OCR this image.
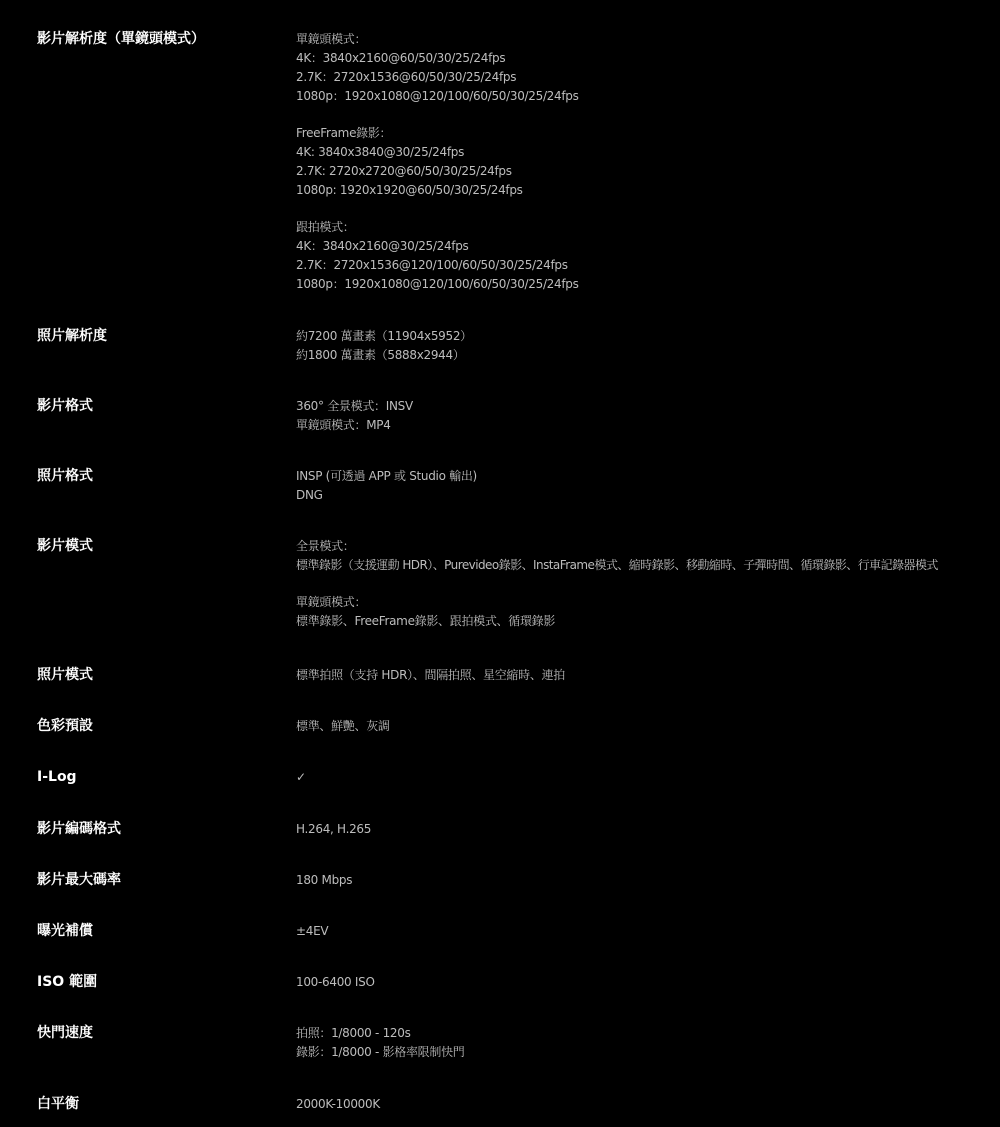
影片解析度（單鏡頭模式）	單鏡頭模式：
4K：3840x2160@60/50/30/25/24fps
2.7K：2720x1536@60/50/30/25/24fps
1080p：1920x1080@120/100/60/50/30/25/24fps
FreeFrame錄影：
4K: 3840x3840@30/25/24fps
2.7K: 2720x2720@60/50/30/25/24fps
1080p: 1920x1920@60/50/30/25/24fps
跟拍模式：
4K：3840x2160@30/25/24fps
2.7K：2720x1536@120/100/60/50/30/25/24fps
1080p：1920x1080@120/100/60/50/30/25/24fps
照片解析度	約7200 萬畫素（11904x5952）
約1800 萬畫素（5888x2944）
影片格式	360° 全景模式：INSV
單鏡頭模式：MP4
照片格式	INSP (可透過 APP 或 Studio 輸出)
DNG
影片模式	全景模式：
標準錄影（支援運動 HDR）、Purevideo錄影、InstaFrame模式、縮時錄影、移動縮時、子彈時間、循環錄影、行車記錄器模式
單鏡頭模式：
標準錄影、FreeFrame錄影、跟拍模式、循環錄影
照片模式	標準拍照（支持 HDR）、間隔拍照、星空縮時、連拍
色彩預設	標準、鮮艷、灰調
I-Log	✓
影片編碼格式	H.264, H.265
影片最大碼率	180 Mbps
曝光補償	±4EV
ISO 範圍	100-6400 ISO
快門速度	拍照：1/8000 - 120s
錄影：1/8000 - 影格率限制快門
白平衡	2000K-10000K
